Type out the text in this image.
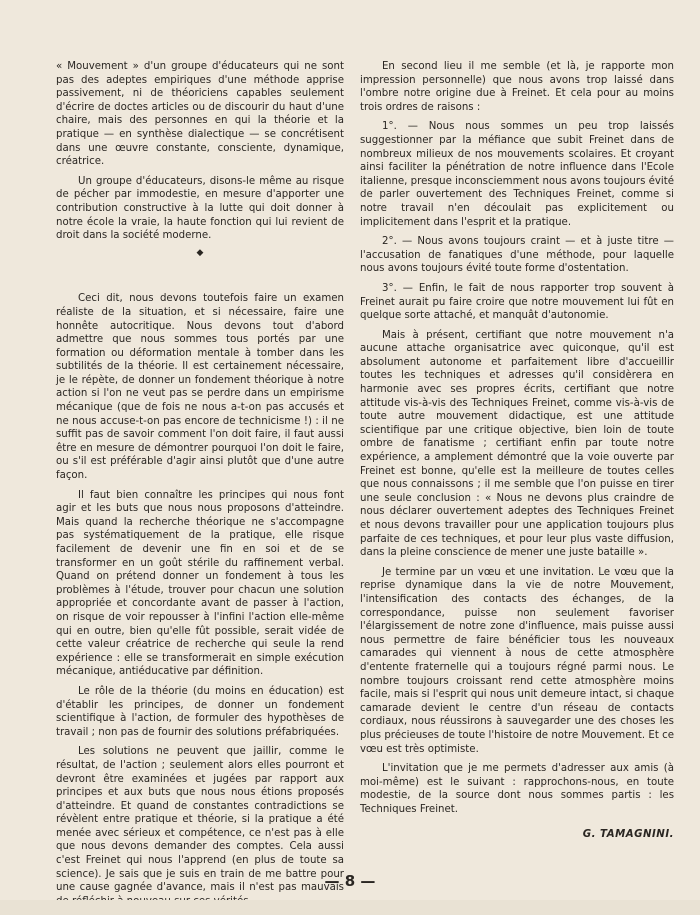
« Mouvement » d'un groupe d'éducateurs qui ne sont pas des adeptes empiriques d'une méthode apprise passivement, ni de théoriciens capables seulement d'écrire de doctes articles ou de discourir du haut d'une chaire, mais des personnes en qui la théorie et la pratique — en synthèse dialectique — se concrétisent dans une œuvre constante, consciente, dynamique, créatrice.

Un groupe d'éducateurs, disons-le même au risque de pécher par immodestie, en mesure d'apporter une contribution constructive à la lutte qui doit donner à notre école la vraie, la haute fonction qui lui revient de droit dans la société moderne.

◆

Ceci dit, nous devons toutefois faire un examen réaliste de la situation, et si nécessaire, faire une honnête autocritique. Nous devons tout d'abord admettre que nous sommes tous portés par une formation ou déformation mentale à tomber dans les subtilités de la théorie. Il est certainement nécessaire, je le répète, de donner un fondement théorique à notre action si l'on ne veut pas se perdre dans un empirisme mécanique (que de fois ne nous a-t-on pas accusés et ne nous accuse-t-on pas encore de technicisme !) : il ne suffit pas de savoir comment l'on doit faire, il faut aussi être en mesure de démontrer pourquoi l'on doit le faire, ou s'il est préférable d'agir ainsi plutôt que d'une autre façon.

Il faut bien connaître les principes qui nous font agir et les buts que nous nous proposons d'atteindre. Mais quand la recherche théorique ne s'accompagne pas systématiquement de la pratique, elle risque facilement de devenir une fin en soi et de se transformer en un goût stérile du raffinement verbal. Quand on prétend donner un fondement à tous les problèmes à l'étude, trouver pour chacun une solution appropriée et concordante avant de passer à l'action, on risque de voir repousser à l'infini l'action elle-même qui en outre, bien qu'elle fût possible, serait vidée de cette valeur créatrice de recherche qui seule la rend expérience : elle se transformerait en simple exécution mécanique, antiéducative par définition.

Le rôle de la théorie (du moins en éducation) est d'établir les principes, de donner un fondement scientifique à l'action, de formuler des hypothèses de travail ; non pas de fournir des solutions préfabriquées.

Les solutions ne peuvent que jaillir, comme le résultat, de l'action ; seulement alors elles pourront et devront être examinées et jugées par rapport aux principes et aux buts que nous nous étions proposés d'atteindre. Et quand de constantes contradictions se révèlent entre pratique et théorie, si la pratique a été menée avec sérieux et compétence, ce n'est pas à elle que nous devons demander des comptes. Cela aussi c'est Freinet qui nous l'apprend (en plus de toute sa science). Je sais que je suis en train de me battre pour une cause gagnée d'avance, mais il n'est pas mauvais

En second lieu il me semble (et là, je rapporte mon impression personnelle) que nous avons trop laissé dans l'ombre notre origine due à Freinet. Et cela pour au moins trois ordres de raisons :

1°. — Nous nous sommes un peu trop laissés suggestionner par la méfiance que subit Freinet dans de nombreux milieux de nos mouvements scolaires. Et croyant ainsi faciliter la pénétration de notre influence dans l'Ecole italienne, presque inconsciemment nous avons toujours évité de parler ouvertement des Techniques Freinet, comme si notre travail n'en découlait pas explicitement ou implicitement dans l'esprit et la pratique.

2°. — Nous avons toujours craint — et à juste titre — l'accusation de fanatiques d'une méthode, pour laquelle nous avons toujours évité toute forme d'ostentation.

3°. — Enfin, le fait de nous rapporter trop souvent à Freinet aurait pu faire croire que notre mouvement lui fût en quelque sorte attaché, et manquât d'autonomie.

Mais à présent, certifiant que notre mouvement n'a aucune attache organisatrice avec quiconque, qu'il est absolument autonome et parfaitement libre d'accueillir toutes les techniques et adresses qu'il considèrera en harmonie avec ses propres écrits, certifiant que notre attitude vis-à-vis des Techniques Freinet, comme vis-à-vis de toute autre mouvement didactique, est une attitude scientifique par une critique objective, bien loin de toute ombre de fanatisme ; certifiant enfin par toute notre expérience, a amplement démontré que la voie ouverte par Freinet est bonne, qu'elle est la meilleure de toutes celles que nous connaissons ; il me semble que l'on puisse en tirer une seule conclusion : « Nous ne devons plus craindre de nous déclarer ouvertement adeptes des Techniques Freinet et nous devons travailler pour une application toujours plus parfaite de ces techniques, et pour leur plus vaste diffusion, dans la pleine conscience de mener une juste bataille ».

Je termine par un vœu et une invitation. Le vœu que la reprise dynamique dans la vie de notre Mouvement, l'intensification des contacts des échanges, de la correspondance, puisse non seulement favoriser l'élargissement de notre zone d'influence, mais puisse aussi nous permettre de faire bénéficier tous les nouveaux camarades qui viennent à nous de cette atmosphère d'entente fraternelle qui a toujours régné parmi nous. Le nombre toujours croissant rend cette atmosphère moins facile, mais si l'esprit qui nous unit demeure intact, si chaque camarade devient le centre d'un réseau de contacts cordiaux, nous réussirons à sauvegarder une des choses les plus précieuses de toute l'histoire de notre Mouvement. Et ce vœu est très optimiste.

L'invitation que je me permets d'adresser aux amis (à moi-même) est le suivant : rapprochons-nous, en toute modestie, de la source dont nous sommes partis : les Techniques Freinet.

G. TAMAGNINI.
— 8 —
